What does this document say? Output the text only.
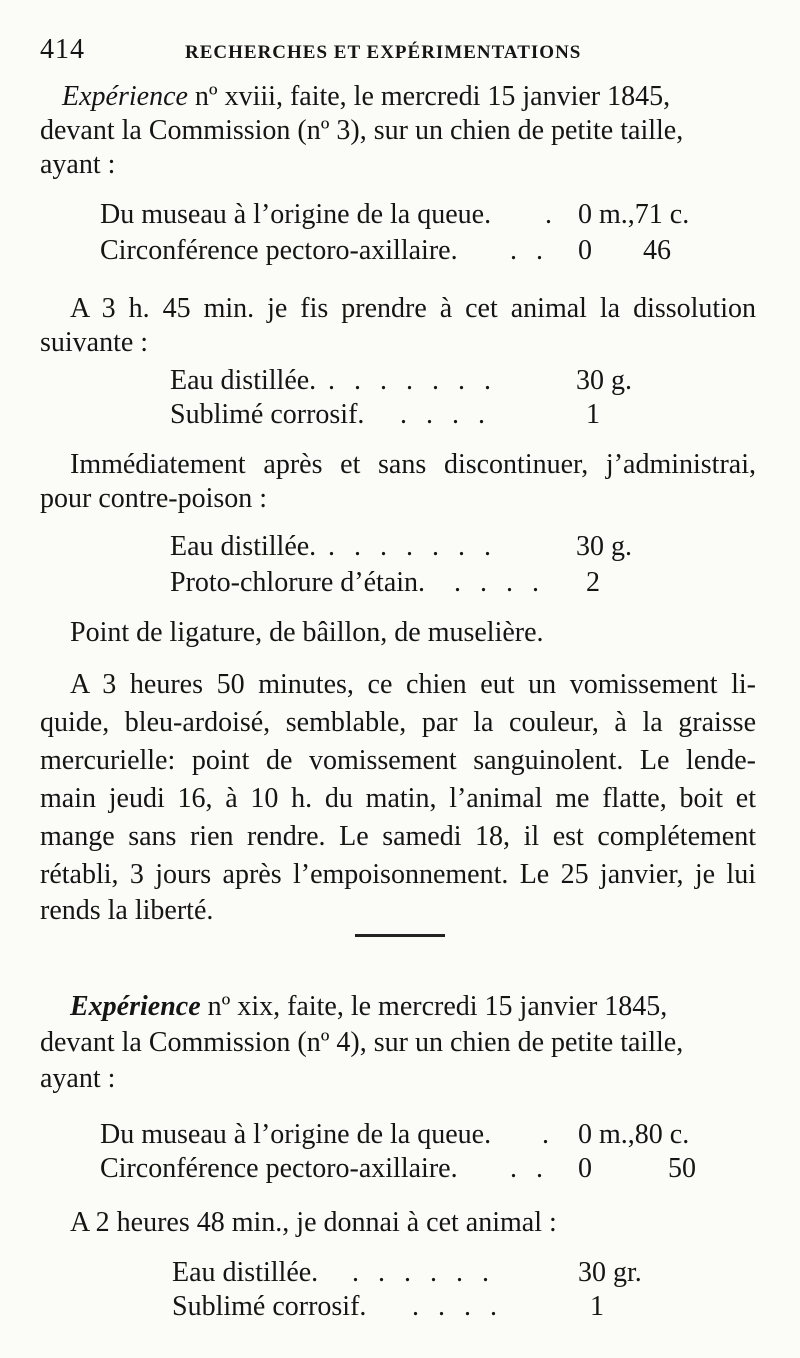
414	RECHERCHES ET EXPÉRIMENTATIONS
Expérience nº xviii, faite, le mercredi 15 janvier 1845,
devant la Commission (nº 3), sur un chien de petite taille,
ayant :
Du museau à l’origine de la queue. . 0 m.,71 c.
Circonférence pectoro-axillaire. . . 0 46
A 3 h. 45 min. je fis prendre à cet animal la dissolution
suivante :
Eau distillée. . . . . . . .	30 g.
Sublimé corrosif. . . . .	1
Immédiatement après et sans discontinuer, j’administrai,
pour contre-poison :
Eau distillée. . . . . . . .	30 g.
Proto-chlorure d’étain. . . . . 2
Point de ligature, de bâillon, de muselière.
A 3 heures 50 minutes, ce chien eut un vomissement li-
quide, bleu-ardoisé, semblable, par la couleur, à la graisse
mercurielle: point de vomissement sanguinolent. Le lende-
main jeudi 16, à 10 h. du matin, l’animal me flatte, boit et
mange sans rien rendre. Le samedi 18, il est complétement
rétabli, 3 jours après l’empoisonnement. Le 25 janvier, je lui
rends la liberté.
Expérience nº xix, faite, le mercredi 15 janvier 1845,
devant la Commission (nº 4), sur un chien de petite taille,
ayant :
Du museau à l’origine de la queue. . 0 m.,80 c.
Circonférence pectoro-axillaire. . . 0	50
A 2 heures 48 min., je donnai à cet animal :
Eau distillée. . . . . . .	30 gr.
Sublimé corrosif. . . . .	1
